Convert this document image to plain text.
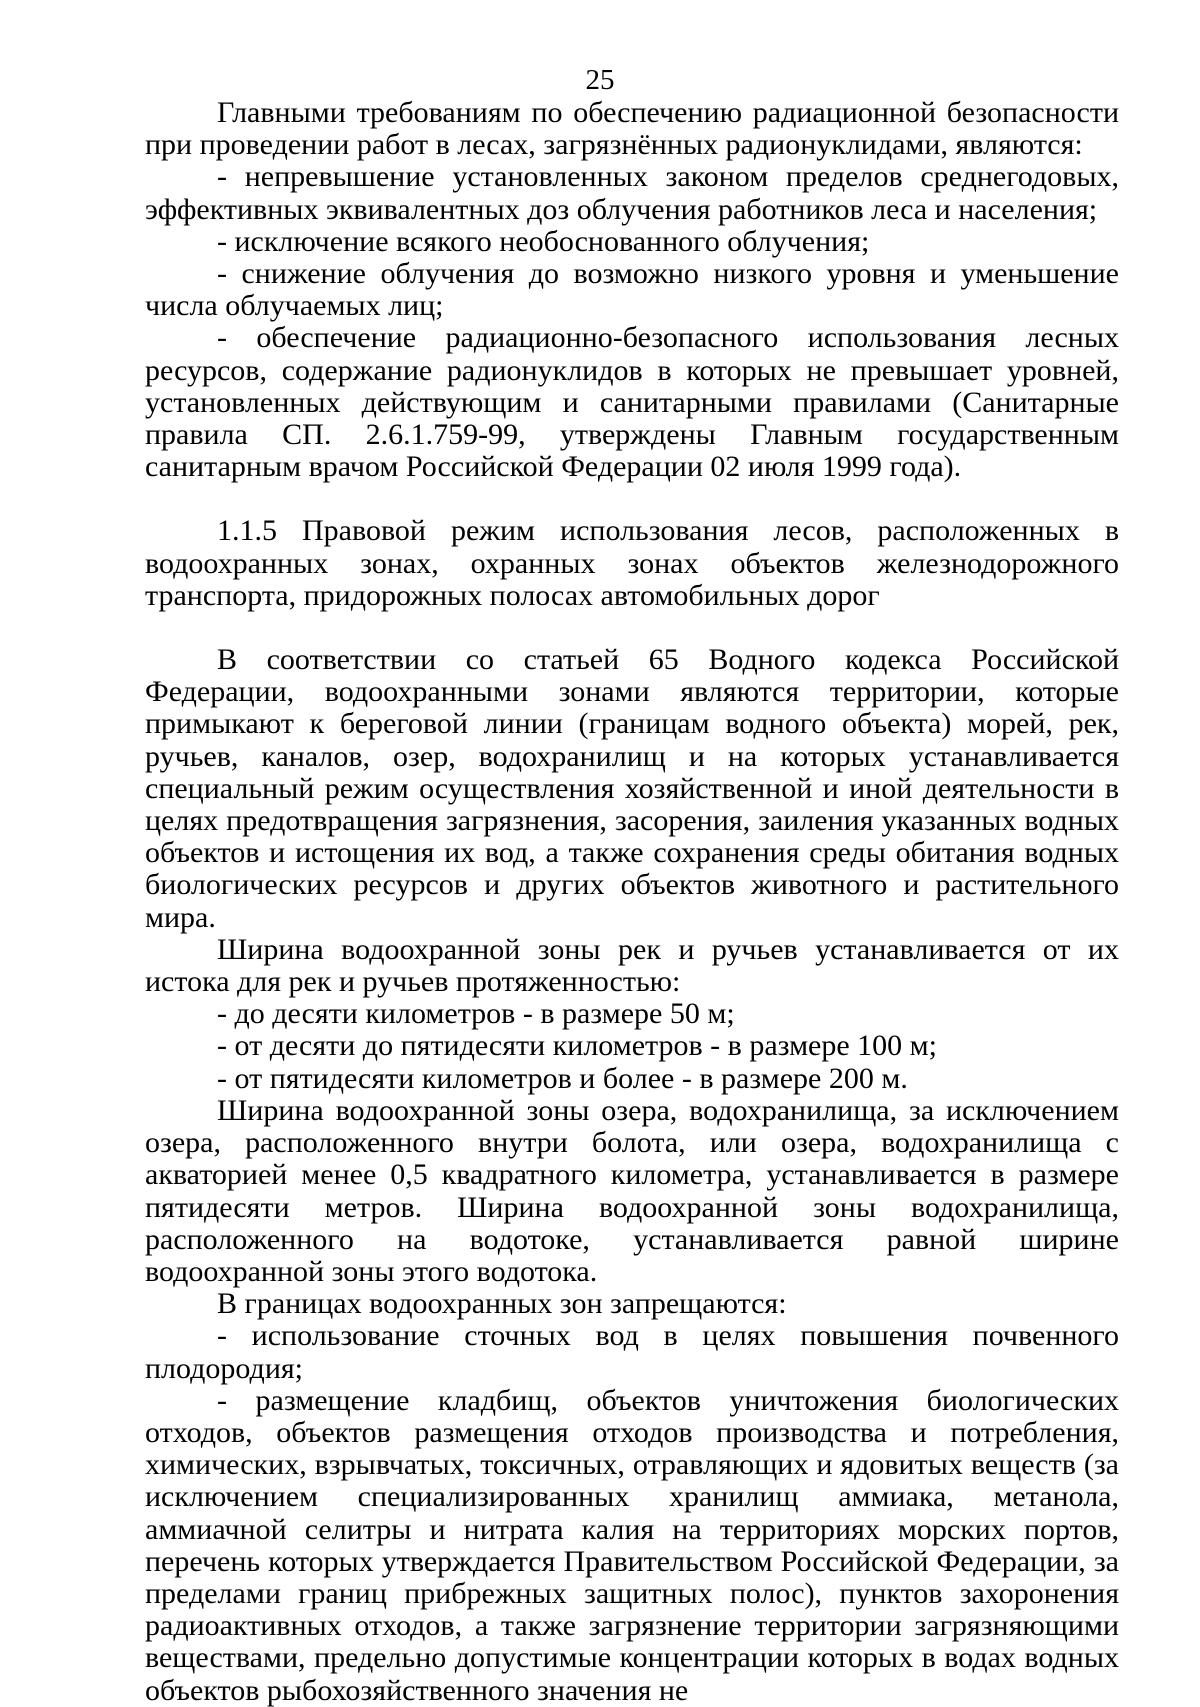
25

Главными требованиям по обеспечению радиационной безопасности при проведении работ в лесах, загрязнённых радионуклидами, являются:

- непревышение установленных законом пределов среднегодовых, эффективных эквивалентных доз облучения работников леса и населения;

- исключение всякого необоснованного облучения;

- снижение облучения до возможно низкого уровня и уменьшение числа облучаемых лиц;

- обеспечение радиационно-безопасного использования лесных ресурсов, содержание радионуклидов в которых не превышает уровней, установленных действующим и санитарными правилами (Санитарные правила СП. 2.6.1.759-99, утверждены Главным государственным санитарным врачом Российской Федерации 02 июля 1999 года).

1.1.5 Правовой режим использования лесов, расположенных в водоохранных зонах, охранных зонах объектов железнодорожного транспорта, придорожных полосах автомобильных дорог

В соответствии со статьей 65 Водного кодекса Российской Федерации, водоохранными зонами являются территории, которые примыкают к береговой линии (границам водного объекта) морей, рек, ручьев, каналов, озер, водохранилищ и на которых устанавливается специальный режим осуществления хозяйственной и иной деятельности в целях предотвращения загрязнения, засорения, заиления указанных водных объектов и истощения их вод, а также сохранения среды обитания водных биологических ресурсов и других объектов животного и растительного мира.

Ширина водоохранной зоны рек и ручьев устанавливается от их истока для рек и ручьев протяженностью:

- до десяти километров - в размере 50 м;

- от десяти до пятидесяти километров - в размере 100 м;

- от пятидесяти километров и более - в размере 200 м.

Ширина водоохранной зоны озера, водохранилища, за исключением озера, расположенного внутри болота, или озера, водохранилища с акваторией менее 0,5 квадратного километра, устанавливается в размере пятидесяти метров. Ширина водоохранной зоны водохранилища, расположенного на водотоке, устанавливается равной ширине водоохранной зоны этого водотока.

В границах водоохранных зон запрещаются:

- использование сточных вод в целях повышения почвенного плодородия;

- размещение кладбищ, объектов уничтожения биологических отходов, объектов размещения отходов производства и потребления, химических, взрывчатых, токсичных, отравляющих и ядовитых веществ (за исключением специализированных хранилищ аммиака, метанола, аммиачной селитры и нитрата калия на территориях морских портов, перечень которых утверждается Правительством Российской Федерации, за пределами границ прибрежных защитных полос), пунктов захоронения радиоактивных отходов, а также загрязнение территории загрязняющими веществами, предельно допустимые концентрации которых в водах водных объектов рыбохозяйственного значения не
